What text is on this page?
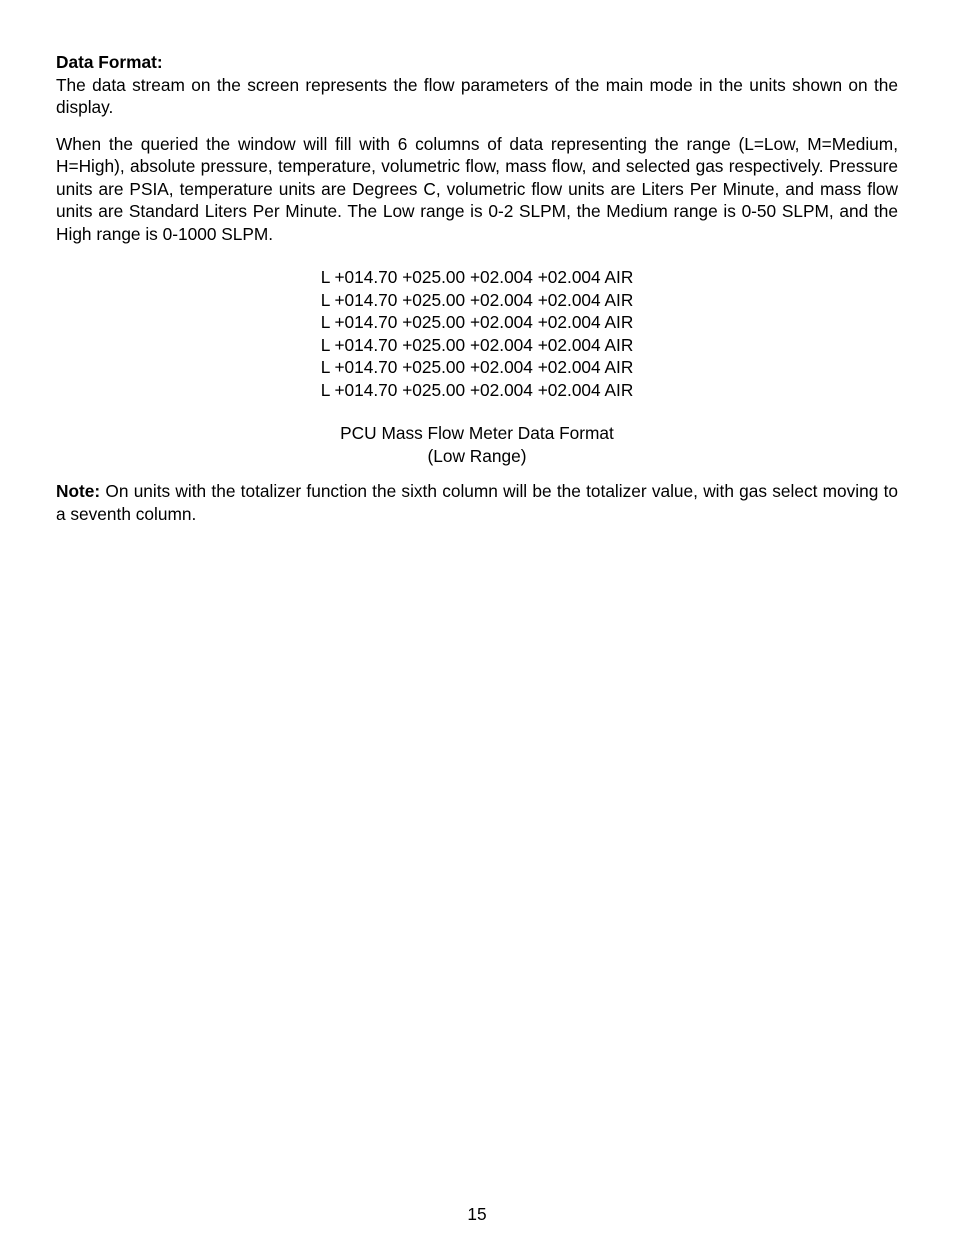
Data Format:

The data stream on the screen represents the flow parameters of the main mode in the units shown on the display.

When the queried the window will fill with 6 columns of data representing the range (L=Low, M=Medium, H=High), absolute pressure, temperature, volumetric flow, mass flow, and selected gas respectively. Pressure units are PSIA, temperature units are Degrees C, volumetric flow units are Liters Per Minute, and mass flow units are Standard Liters Per Minute. The Low range is 0-2 SLPM, the Medium range is 0-50 SLPM, and the High range is 0-1000 SLPM.

L +014.70 +025.00 +02.004 +02.004 AIR
L +014.70 +025.00 +02.004 +02.004 AIR
L +014.70 +025.00 +02.004 +02.004 AIR
L +014.70 +025.00 +02.004 +02.004 AIR
L +014.70 +025.00 +02.004 +02.004 AIR
L +014.70 +025.00 +02.004 +02.004 AIR
PCU Mass Flow Meter Data Format
(Low Range)

Note: On units with the totalizer function the sixth column will be the totalizer value, with gas select moving to a seventh column.

15
